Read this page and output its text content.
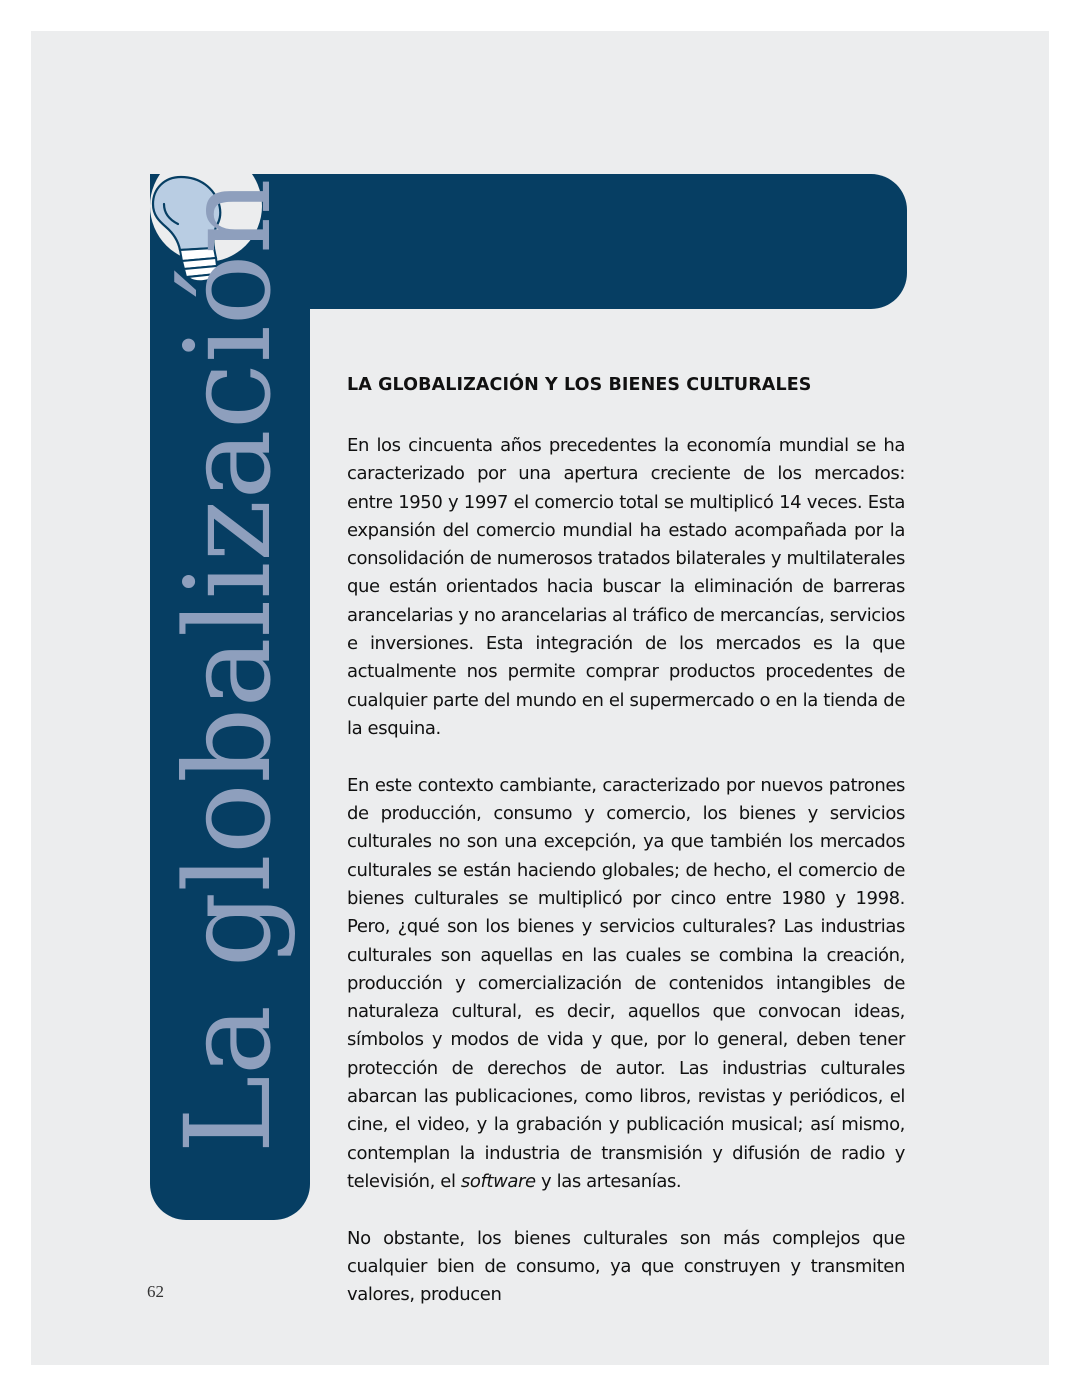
La globalización	LA GLOBALIZACIÓN Y LOS BIENES CULTURALES

En los cincuenta años precedentes la economía mundial se ha caracterizado por una apertura creciente de los mercados: entre 1950 y 1997 el comercio total se multiplicó 14 veces. Esta expansión del comercio mundial ha estado acompañada por la consolidación de numerosos tratados bilaterales y multilaterales que están orientados hacia buscar la eliminación de barreras arancelarias y no arancelarias al tráfico de mercancías, servicios e inversiones. Esta integración de los mercados es la que actualmente nos permite comprar productos procedentes de cualquier parte del mundo en el supermercado o en la tienda de la esquina.

En este contexto cambiante, caracterizado por nuevos patrones de producción, consumo y comercio, los bienes y servicios culturales no son una excepción, ya que también los mercados culturales se están haciendo globales; de hecho, el comercio de bienes culturales se multiplicó por cinco entre 1980 y 1998. Pero, ¿qué son los bienes y servicios culturales? Las industrias culturales son aquellas en las cuales se combina la creación, producción y comercialización de contenidos intangibles de naturaleza cultural, es decir, aquellos que convocan ideas, símbolos y modos de vida y que, por lo general, deben tener protección de derechos de autor. Las industrias culturales abarcan las publicaciones, como libros, revistas y periódicos, el cine, el video, y la grabación y publicación musical; así mismo, contemplan la industria de transmisión y difusión de radio y televisión, el software y las artesanías.

No obstante, los bienes culturales son más complejos que cualquier bien de consumo, ya que construyen y transmiten valores, producen

62
